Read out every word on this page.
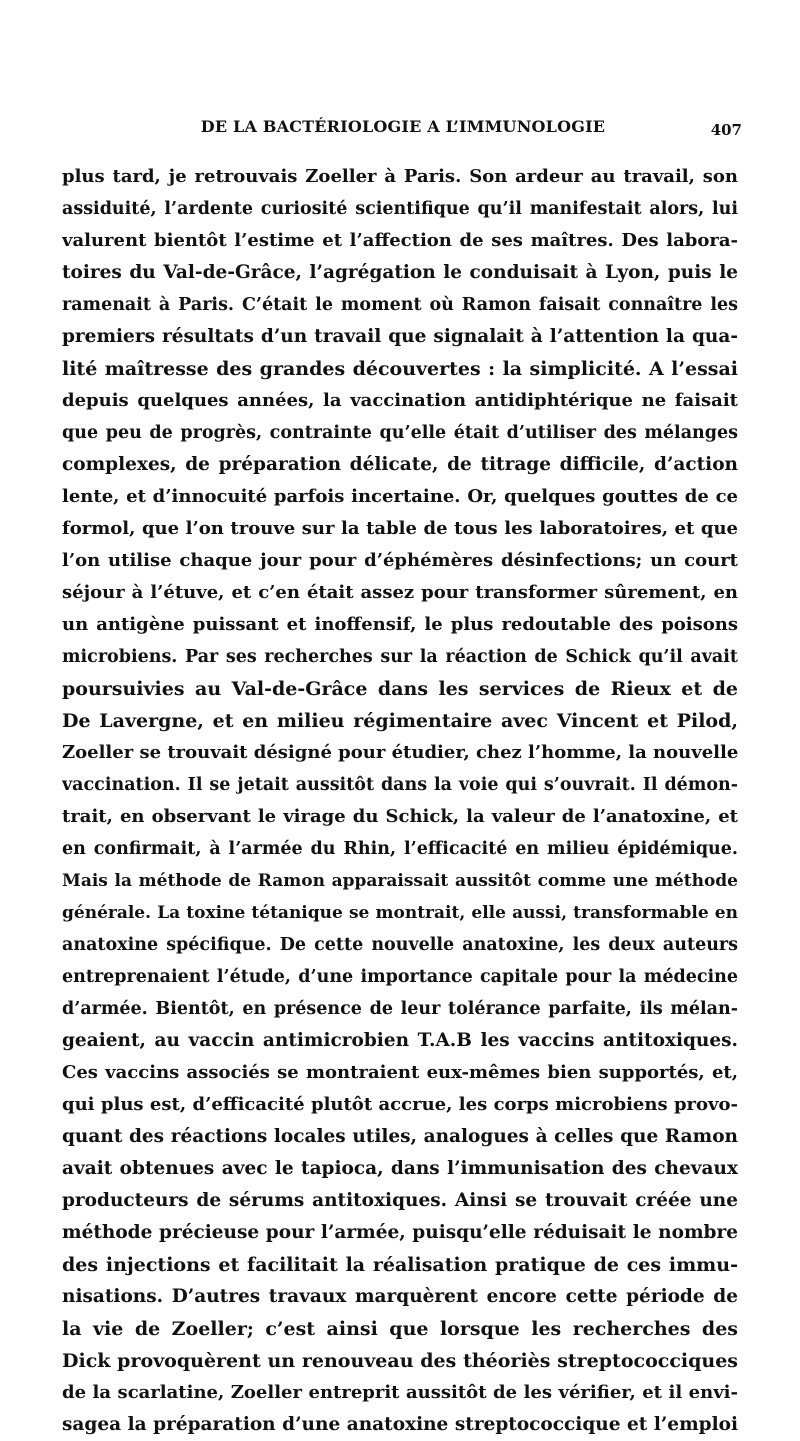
DE LA BACTÉRIOLOGIE A L’IMMUNOLOGIE	407
plus tard, je retrouvais Zoeller à Paris. Son ardeur au travail, son
assiduité, l’ardente curiosité scientifique qu’il manifestait alors, lui
valurent bientôt l’estime et l’affection de ses maîtres. Des labora-
toires du Val-de-Grâce, l’agrégation le conduisait à Lyon, puis le
ramenait à Paris. C’était le moment où Ramon faisait connaître les
premiers résultats d’un travail que signalait à l’attention la qua-
lité maîtresse des grandes découvertes : la simplicité. A l’essai
depuis quelques années, la vaccination antidiphtérique ne faisait
que peu de progrès, contrainte qu’elle était d’utiliser des mélanges
complexes, de préparation délicate, de titrage difficile, d’action
lente, et d’innocuité parfois incertaine. Or, quelques gouttes de ce
formol, que l’on trouve sur la table de tous les laboratoires, et que
l’on utilise chaque jour pour d’éphémères désinfections; un court
séjour à l’étuve, et c’en était assez pour transformer sûrement, en
un antigène puissant et inoffensif, le plus redoutable des poisons
microbiens. Par ses recherches sur la réaction de Schick qu’il avait
poursuivies au Val-de-Grâce dans les services de Rieux et de
De Lavergne, et en milieu régimentaire avec Vincent et Pilod,
Zoeller se trouvait désigné pour étudier, chez l’homme, la nouvelle
vaccination. Il se jetait aussitôt dans la voie qui s’ouvrait. Il démon-
trait, en observant le virage du Schick, la valeur de l’anatoxine, et
en confirmait, à l’armée du Rhin, l’efficacité en milieu épidémique.
Mais la méthode de Ramon apparaissait aussitôt comme une méthode
générale. La toxine tétanique se montrait, elle aussi, transformable en
anatoxine spécifique. De cette nouvelle anatoxine, les deux auteurs
entreprenaient l’étude, d’une importance capitale pour la médecine
d’armée. Bientôt, en présence de leur tolérance parfaite, ils mélan-
geaient, au vaccin antimicrobien T.A.B les vaccins antitoxiques.
Ces vaccins associés se montraient eux-mêmes bien supportés, et,
qui plus est, d’efficacité plutôt accrue, les corps microbiens provo-
quant des réactions locales utiles, analogues à celles que Ramon
avait obtenues avec le tapioca, dans l’immunisation des chevaux
producteurs de sérums antitoxiques. Ainsi se trouvait créée une
méthode précieuse pour l’armée, puisqu’elle réduisait le nombre
des injections et facilitait la réalisation pratique de ces immu-
nisations. D’autres travaux marquèrent encore cette période de
la vie de Zoeller; c’est ainsi que lorsque les recherches des
Dick provoquèrent un renouveau des théoriès streptococciques
de la scarlatine, Zoeller entreprit aussitôt de les vérifier, et il envi-
sagea la préparation d’une anatoxine streptococcique et l’emploi
